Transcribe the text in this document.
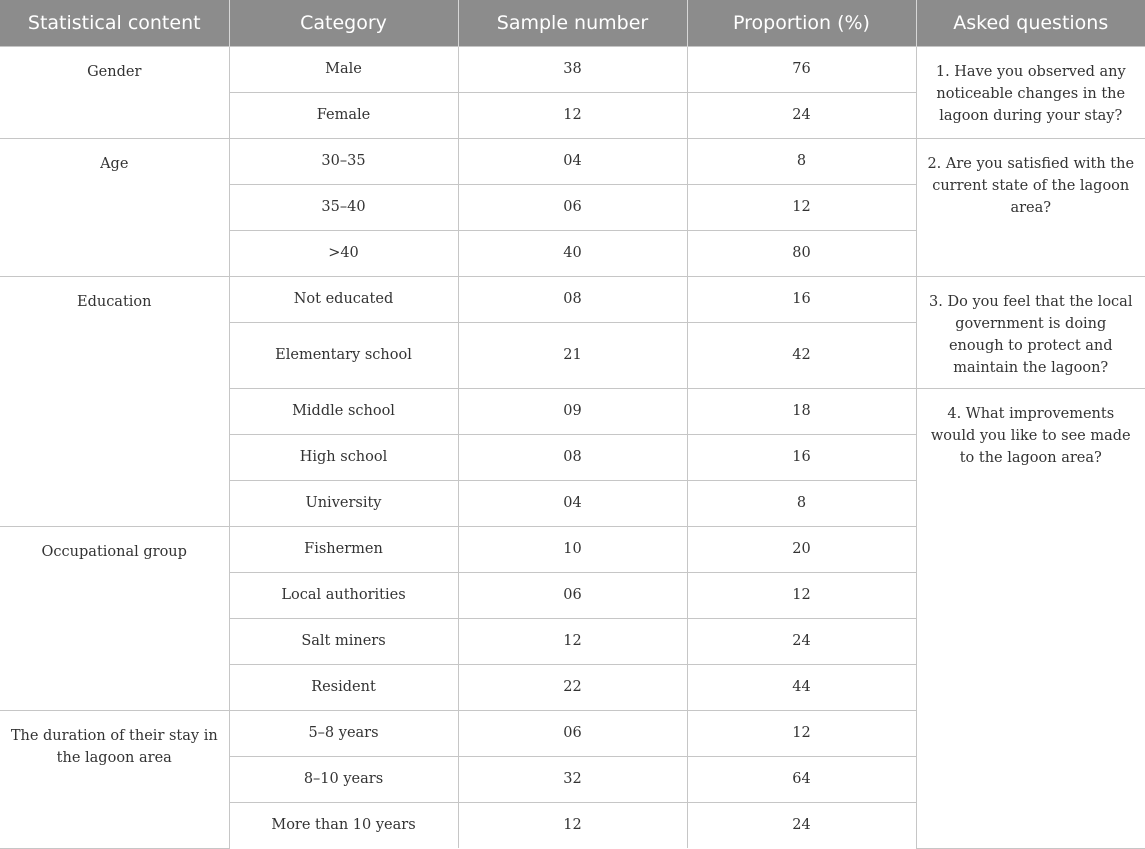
Statistical content	Category	Sample number	Proportion (%)	Asked questions
Gender	Male	38	76	1. Have you observed any noticeable changes in the lagoon during your stay?
	Female	12	24	
Age	30–35	04	8	2. Are you satisfied with the current state of the lagoon area?
	35–40	06	12	
	>40	40	80	
Education	Not educated	08	16	3. Do you feel that the local government is doing enough to protect and maintain the lagoon?
	Elementary school	21	42	
	Middle school	09	18	4. What improvements would you like to see made to the lagoon area?
	High school	08	16	
	University	04	8	
Occupational group	Fishermen	10	20	
	Local authorities	06	12	
	Salt miners	12	24	
	Resident	22	44	
The duration of their stay in the lagoon area	5–8 years	06	12	
	8–10 years	32	64	
	More than 10 years	12	24	
